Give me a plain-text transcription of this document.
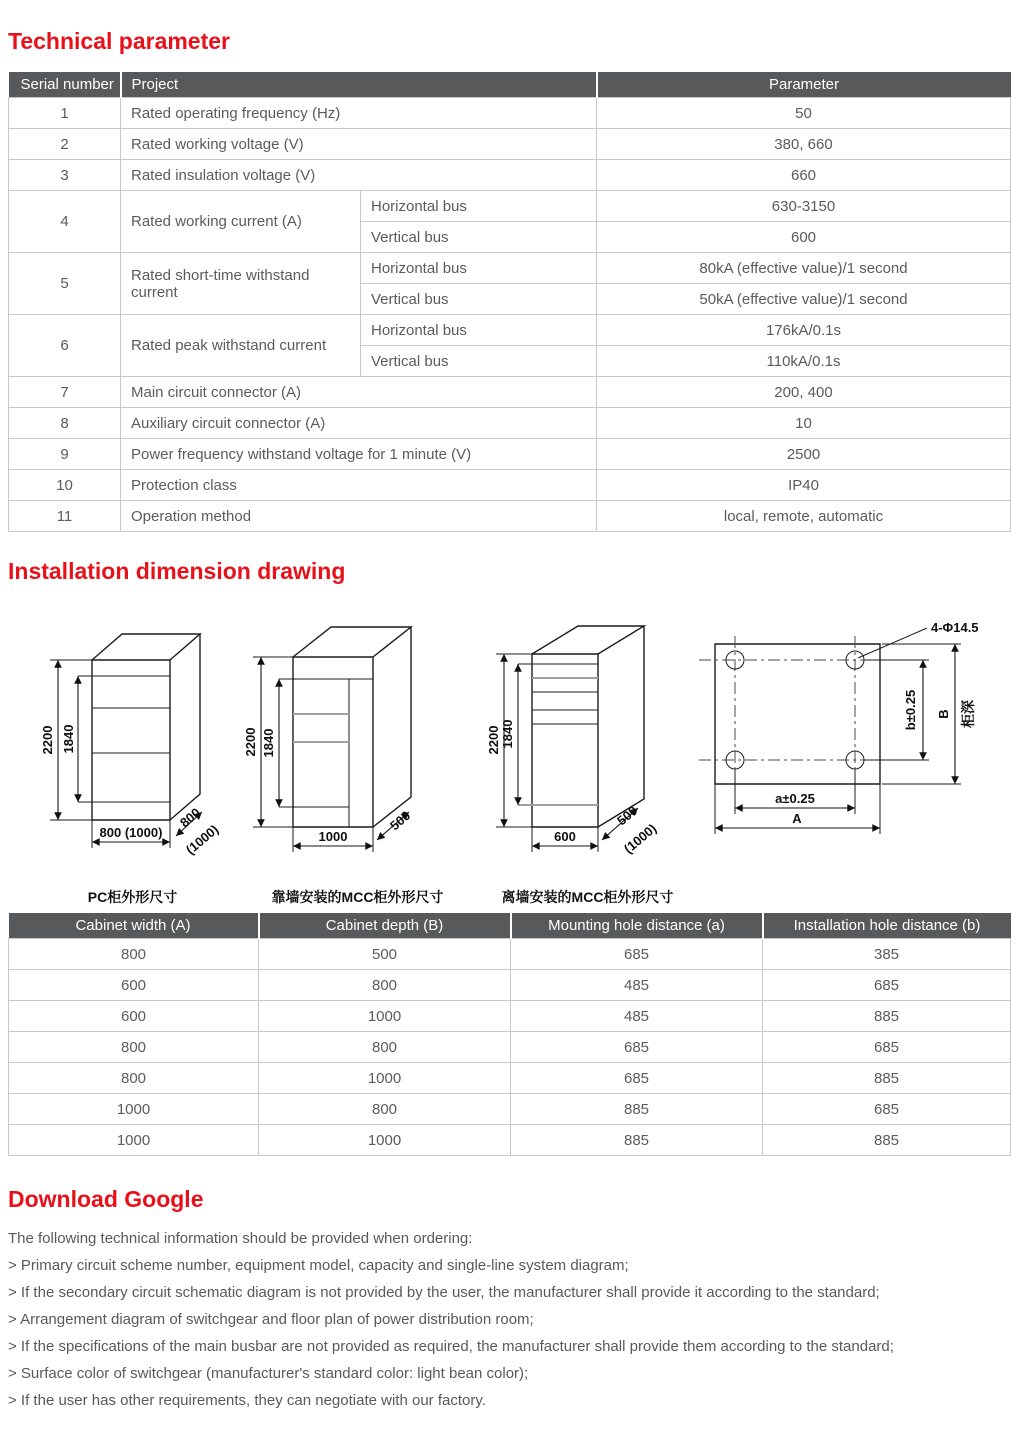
Technical parameter
Serial number	Project		Parameter
1	Rated operating frequency (Hz)		50
2	Rated working voltage (V)		380, 660
3	Rated insulation voltage (V)		660
4	Rated working current (A)	Horizontal bus	630-3150
		Vertical bus	600
5	Rated short-time withstand current	Horizontal bus	80kA (effective value)/1 second
		Vertical bus	50kA (effective value)/1 second
6	Rated peak withstand current	Horizontal bus	176kA/0.1s
		Vertical bus	110kA/0.1s
7	Main circuit connector (A)		200, 400
8	Auxiliary circuit connector (A)		10
9	Power frequency withstand voltage for 1 minute (V)		2500
10	Protection class		IP40
11	Operation method		local, remote, automatic
Installation dimension drawing
2200 1840
800 (1000)
800
(1000)
PC柜外形尺寸
2200 1840
1000
500
靠墙安装的MCC柜外形尺寸
2200 1840
600
500
(1000)
离墙安装的MCC柜外形尺寸
4-Φ14.5
b±0.25 B 柜深
a±0.25
A
Cabinet width (A)	Cabinet depth (B)	Mounting hole distance (a)	Installation hole distance (b)
800	500	685	385
600	800	485	685
600	1000	485	885
800	800	685	685
800	1000	685	885
1000	800	885	685
1000	1000	885	885
Download Google

The following technical information should be provided when ordering:

> Primary circuit scheme number, equipment model, capacity and single-line system diagram;

> If the secondary circuit schematic diagram is not provided by the user, the manufacturer shall provide it according to the standard;

> Arrangement diagram of switchgear and floor plan of power distribution room;

> If the specifications of the main busbar are not provided as required, the manufacturer shall provide them according to the standard;

> Surface color of switchgear (manufacturer's standard color: light bean color);

> If the user has other requirements, they can negotiate with our factory.
